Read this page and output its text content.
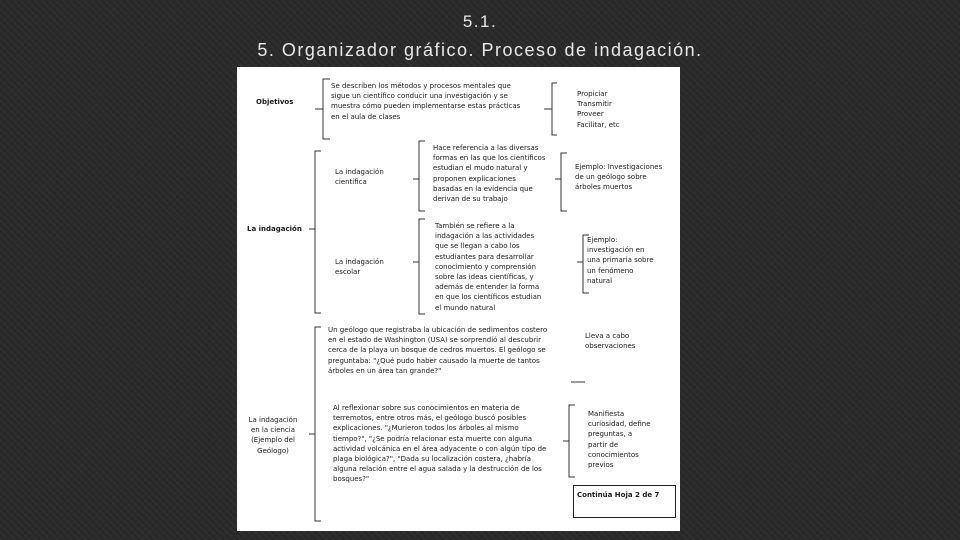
5.1.
5. Organizador gráfico. Proceso de indagación.
Objetivos
Se describen los métodos y procesos mentales que
sigue un científico conducir una investigación y se
muestra cómo pueden implementarse estas prácticas
en el aula de clases
Propiciar
Transmitir
Proveer
Facilitar, etc
La indagación
La indagación
científica
Hace referencia a las diversas
formas en las que los científicos
estudian el mudo natural y
proponen explicaciones
basadas en la evidencia que
derivan de su trabajo
Ejemplo: Investigaciones
de un geólogo sobre
árboles muertos
La indagación
escolar
También se refiere a la
indagación a las actividades
que se llegan a cabo los
estudiantes para desarrollar
conocimiento y comprensión
sobre las ideas científicas, y
además de entender la forma
en que los científicos estudian
el mundo natural
Ejemplo:
investigación en
una primaria sobre
un fenómeno
natural
Un geólogo que registraba la ubicación de sedimentos costero
en el estado de Washington (USA) se sorprendió al descubrir
cerca de la playa un bosque de cedros muertos. El geólogo se
preguntaba: "¿Qué pudo haber causado la muerte de tantos
árboles en un área tan grande?"
Lleva a cabo
observaciones
La indagación
en la ciencia
(Ejemplo del
Geólogo)
Al reflexionar sobre sus conocimientos en materia de
terremotos, entre otros más, el geólogo buscó posibles
explicaciones. "¿Murieron todos los árboles al mismo
tiempo?", "¿Se podría relacionar esta muerte con alguna
actividad volcánica en el área adyacente o con algún tipo de
plaga biológica?", "Dada su localización costera, ¿habría
alguna relación entre el agua salada y la destrucción de los
bosques?"
Manifiesta
curiosidad, define
preguntas, a
partir de
conocimientos
previos
Continúa Hoja 2 de 7
